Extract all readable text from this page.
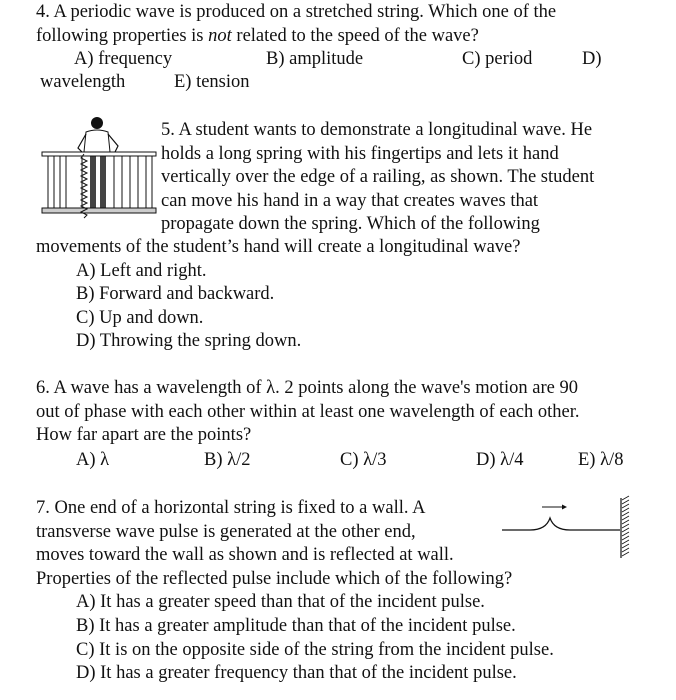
4. A periodic wave is produced on a stretched string. Which one of the
following properties is not related to the speed of the wave?
A) frequency	B) amplitude	C) period	D)
wavelength	E) tension
5. A student wants to demonstrate a longitudinal wave. He
holds a long spring with his fingertips and lets it hand
vertically over the edge of a railing, as shown. The student
can move his hand in a way that creates waves that
propagate down the spring. Which of the following
movements of the student’s hand will create a longitudinal wave?
A) Left and right.
B) Forward and backward.
C) Up and down.
D) Throwing the spring down.
6. A wave has a wavelength of λ. 2 points along the wave's motion are 90
out of phase with each other within at least one wavelength of each other.
How far apart are the points?
A) λ	B) λ/2	C) λ/3	D) λ/4	E) λ/8
7. One end of a horizontal string is fixed to a wall. A
transverse wave pulse is generated at the other end,
moves toward the wall as shown and is reflected at wall.
Properties of the reflected pulse include which of the following?
A) It has a greater speed than that of the incident pulse.
B) It has a greater amplitude than that of the incident pulse.
C) It is on the opposite side of the string from the incident pulse.
D) It has a greater frequency than that of the incident pulse.
